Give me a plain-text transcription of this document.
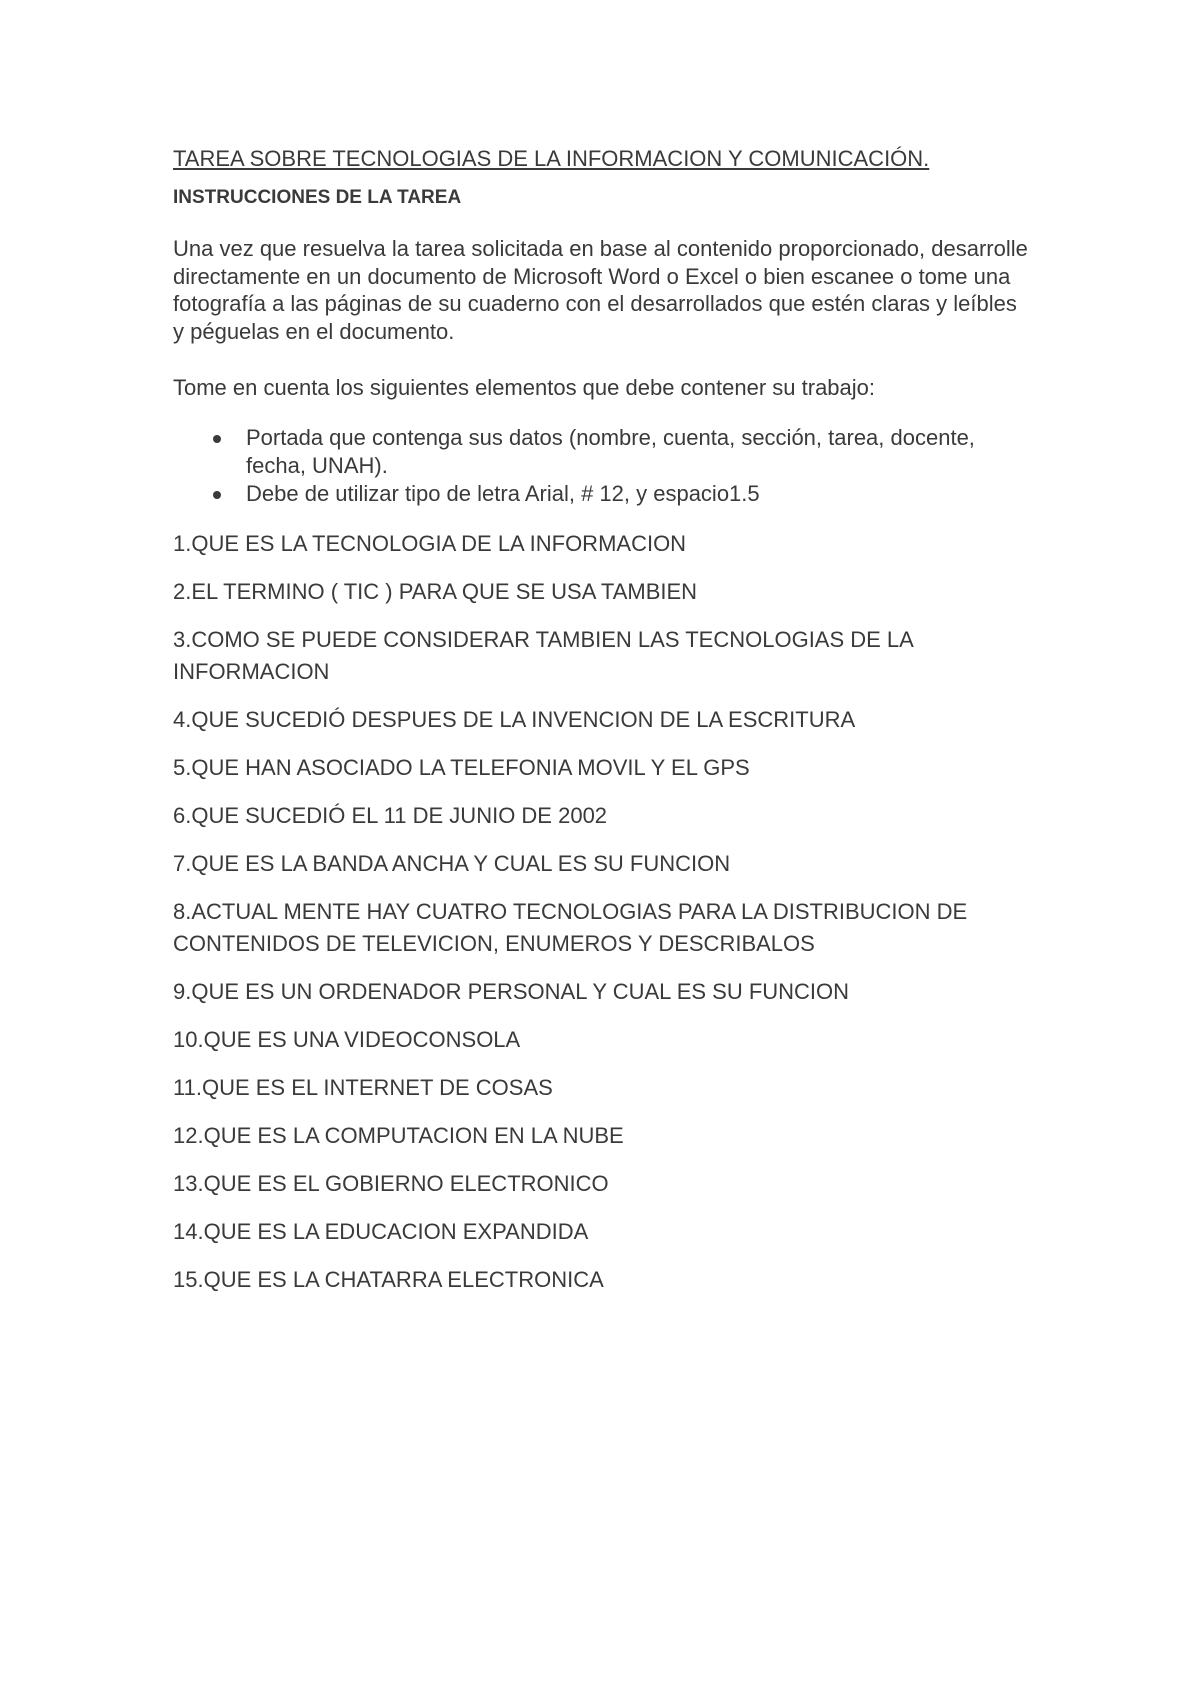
TAREA SOBRE TECNOLOGIAS DE LA INFORMACION Y COMUNICACIÓN.
INSTRUCCIONES DE LA TAREA

Una vez que resuelva la tarea solicitada en base al contenido proporcionado, desarrolle directamente en un documento de Microsoft Word o Excel o bien escanee o tome una fotografía a las páginas de su cuaderno con el desarrollados que estén claras y leíbles y péguelas en el documento.

Tome en cuenta los siguientes elementos que debe contener su trabajo:

Portada que contenga sus datos (nombre, cuenta, sección, tarea, docente, fecha, UNAH).
Debe de utilizar tipo de letra Arial, # 12, y espacio1.5
1.QUE ES LA TECNOLOGIA DE LA INFORMACION
2.EL TERMINO ( TIC ) PARA QUE SE USA TAMBIEN
3.COMO SE PUEDE CONSIDERAR TAMBIEN LAS TECNOLOGIAS DE LA INFORMACION
4.QUE SUCEDIÓ DESPUES DE LA INVENCION DE LA ESCRITURA
5.QUE HAN ASOCIADO LA TELEFONIA MOVIL Y EL GPS
6.QUE SUCEDIÓ EL 11 DE JUNIO DE 2002
7.QUE ES LA BANDA ANCHA Y CUAL ES SU FUNCION
8.ACTUAL MENTE HAY CUATRO TECNOLOGIAS PARA LA DISTRIBUCION DE CONTENIDOS DE TELEVICION, ENUMEROS Y DESCRIBALOS
9.QUE ES UN ORDENADOR PERSONAL Y CUAL ES SU FUNCION
10.QUE ES UNA VIDEOCONSOLA
11.QUE ES EL INTERNET DE COSAS
12.QUE ES LA COMPUTACION EN LA NUBE
13.QUE ES EL GOBIERNO ELECTRONICO
14.QUE ES LA EDUCACION EXPANDIDA
15.QUE ES LA CHATARRA ELECTRONICA
